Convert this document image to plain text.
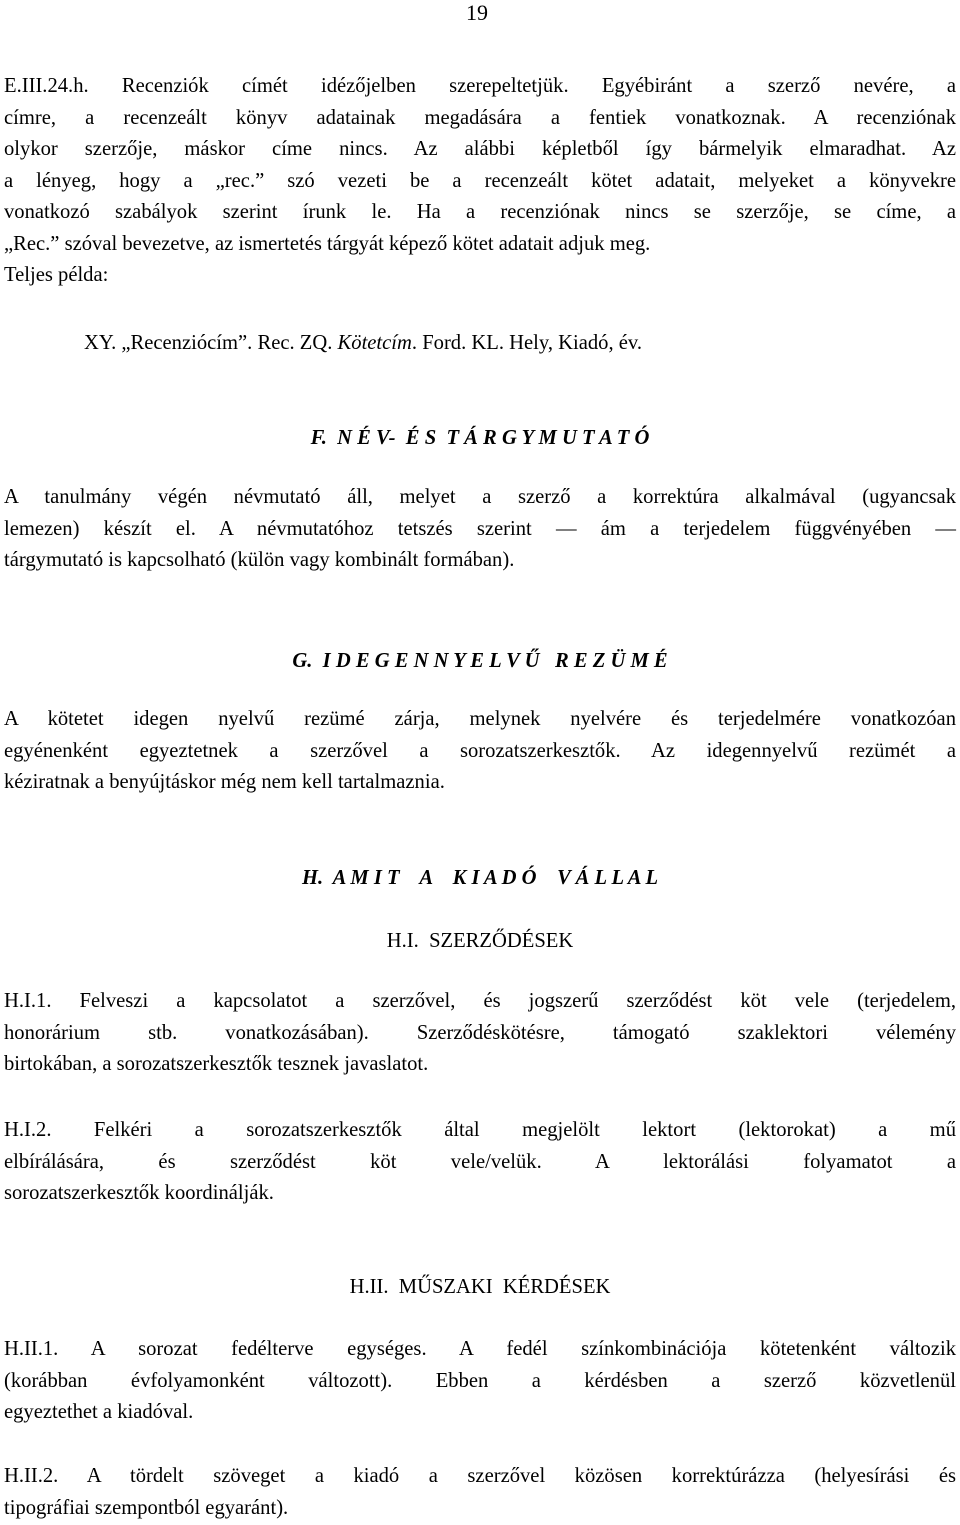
19

E.III.24.h. Recenziók címét idézőjelben szerepeltetjük. Egyébiránt a szerző nevére, a
címre, a recenzeált könyv adatainak megadására a fentiek vonatkoznak. A recenziónak
olykor szerzője, máskor címe nincs. Az alábbi képletből így bármelyik elmaradhat. Az
a lényeg, hogy a „rec.” szó vezeti be a recenzeált kötet adatait, melyeket a könyvekre
vonatkozó szabályok szerint írunk le. Ha a recenziónak nincs se szerzője, se címe, a
„Rec.” szóval bevezetve, az ismertetés tárgyát képező kötet adatait adjuk meg.
Teljes példa:

XY. „Recenziócím”. Rec. ZQ. Kötetcím. Ford. KL. Hely, Kiadó, év.

F.  N É V-  É S  T Á R G Y M U T A T Ó

A tanulmány végén névmutató áll, melyet a szerző a korrektúra alkalmával (ugyancsak
lemezen) készít el. A névmutatóhoz tetszés szerint — ám a terjedelem függvényében —
tárgymutató is kapcsolható (külön vagy kombinált formában).

G.  I D E G E N N Y E L V Ű   R E Z Ü M É

A kötetet idegen nyelvű rezümé zárja, melynek nyelvére és terjedelmére vonatkozóan
egyénenként egyeztetnek a szerzővel a sorozatszerkesztők. Az idegennyelvű rezümét a
kéziratnak a benyújtáskor még nem kell tartalmaznia.

H.  A M I T    A    K I A D Ó    V Á L L A L

H.I.  SZERZŐDÉSEK

H.I.1. Felveszi a kapcsolatot a szerzővel, és jogszerű szerződést köt vele (terjedelem,
honorárium stb. vonatkozásában). Szerződéskötésre, támogató szaklektori vélemény
birtokában, a sorozatszerkesztők tesznek javaslatot.

H.I.2. Felkéri a sorozatszerkesztők által megjelölt lektort (lektorokat) a mű
elbírálására, és szerződést köt vele/velük. A lektorálási folyamatot a
sorozatszerkesztők koordinálják.

H.II.  MŰSZAKI  KÉRDÉSEK

H.II.1. A sorozat fedélterve egységes. A fedél színkombinációja kötetenként változik
(korábban évfolyamonként változott). Ebben a kérdésben a szerző közvetlenül
egyeztethet a kiadóval.

H.II.2. A tördelt szöveget a kiadó a szerzővel közösen korrektúrázza (helyesírási és
tipográfiai szempontból egyaránt).
